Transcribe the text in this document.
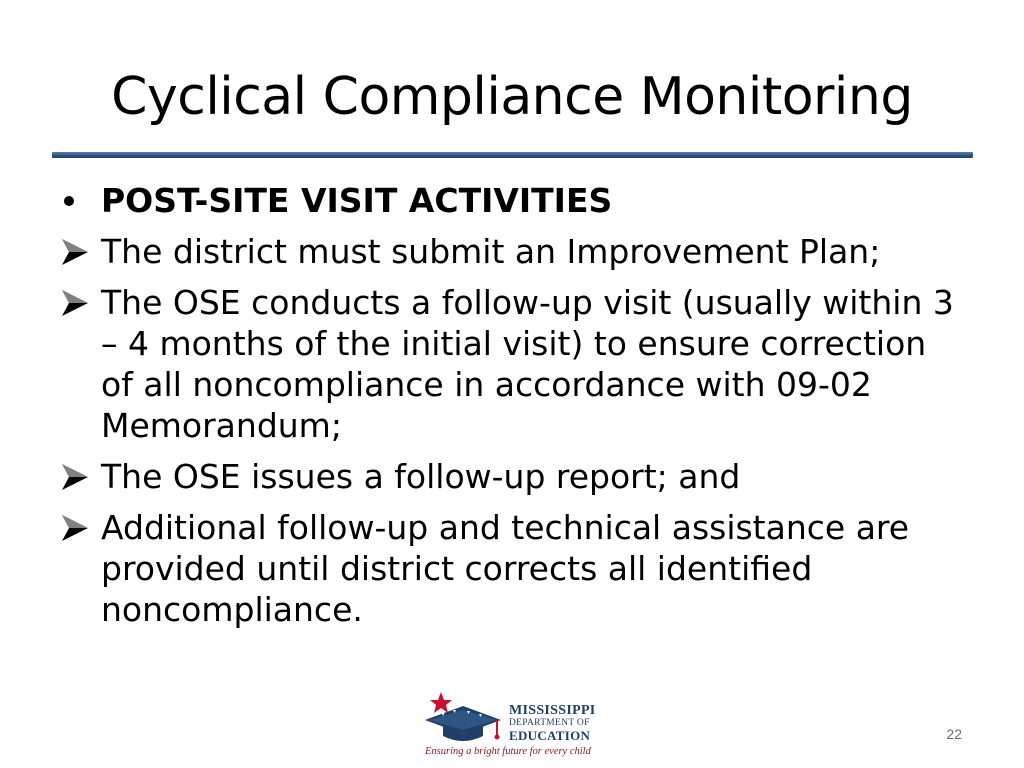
Cyclical Compliance Monitoring
POST-SITE VISIT ACTIVITIES
The district must submit an Improvement Plan;
The OSE conducts a follow-up visit (usually within 3 – 4 months of the initial visit) to ensure correction of all noncompliance in accordance with 09-02 Memorandum;
The OSE issues a follow-up report; and
Additional follow-up and technical assistance are provided until district corrects all identified noncompliance.
MISSISSIPPI
DEPARTMENT OF
EDUCATION
Ensuring a bright future for every child
22
